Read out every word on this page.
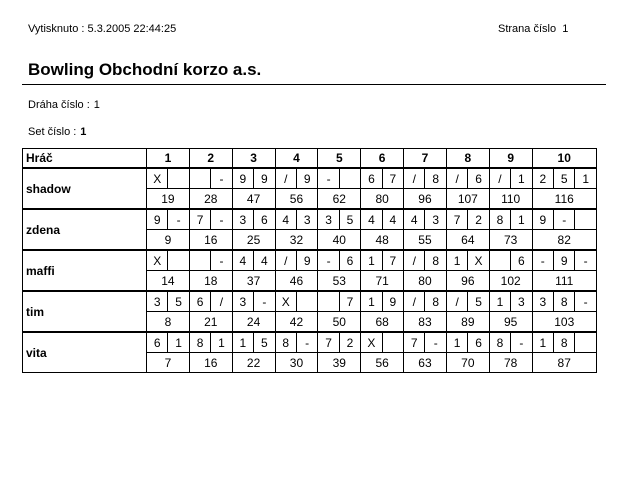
Vytisknuto : 5.3.2005 22:44:25	Strana číslo 1
Bowling Obchodní korzo a.s.
Dráha číslo : 1
Set číslo : 1
Hráč	1		2		3		4		5		6		7		8		9		10		
shadow	X			-	9	9	/	9	-		6	7	/	8	/	6	/	1	2	5	1
	19		28		47		56		62		80		96		107		110		116		
zdena	9	-	7	-	3	6	4	3	3	5	4	4	4	3	7	2	8	1	9	-	
	9		16		25		32		40		48		55		64		73		82		
maffi	X			-	4	4	/	9	-	6	1	7	/	8	1	X		6	-	9	-
	14		18		37		46		53		71		80		96		102		111		
tim	3	5	6	/	3	-	X			7	1	9	/	8	/	5	1	3	3	8	-
	8		21		24		42		50		68		83		89		95		103		
vita	6	1	8	1	1	5	8	-	7	2	X		7	-	1	6	8	-	1	8	
	7		16		22		30		39		56		63		70		78		87		
